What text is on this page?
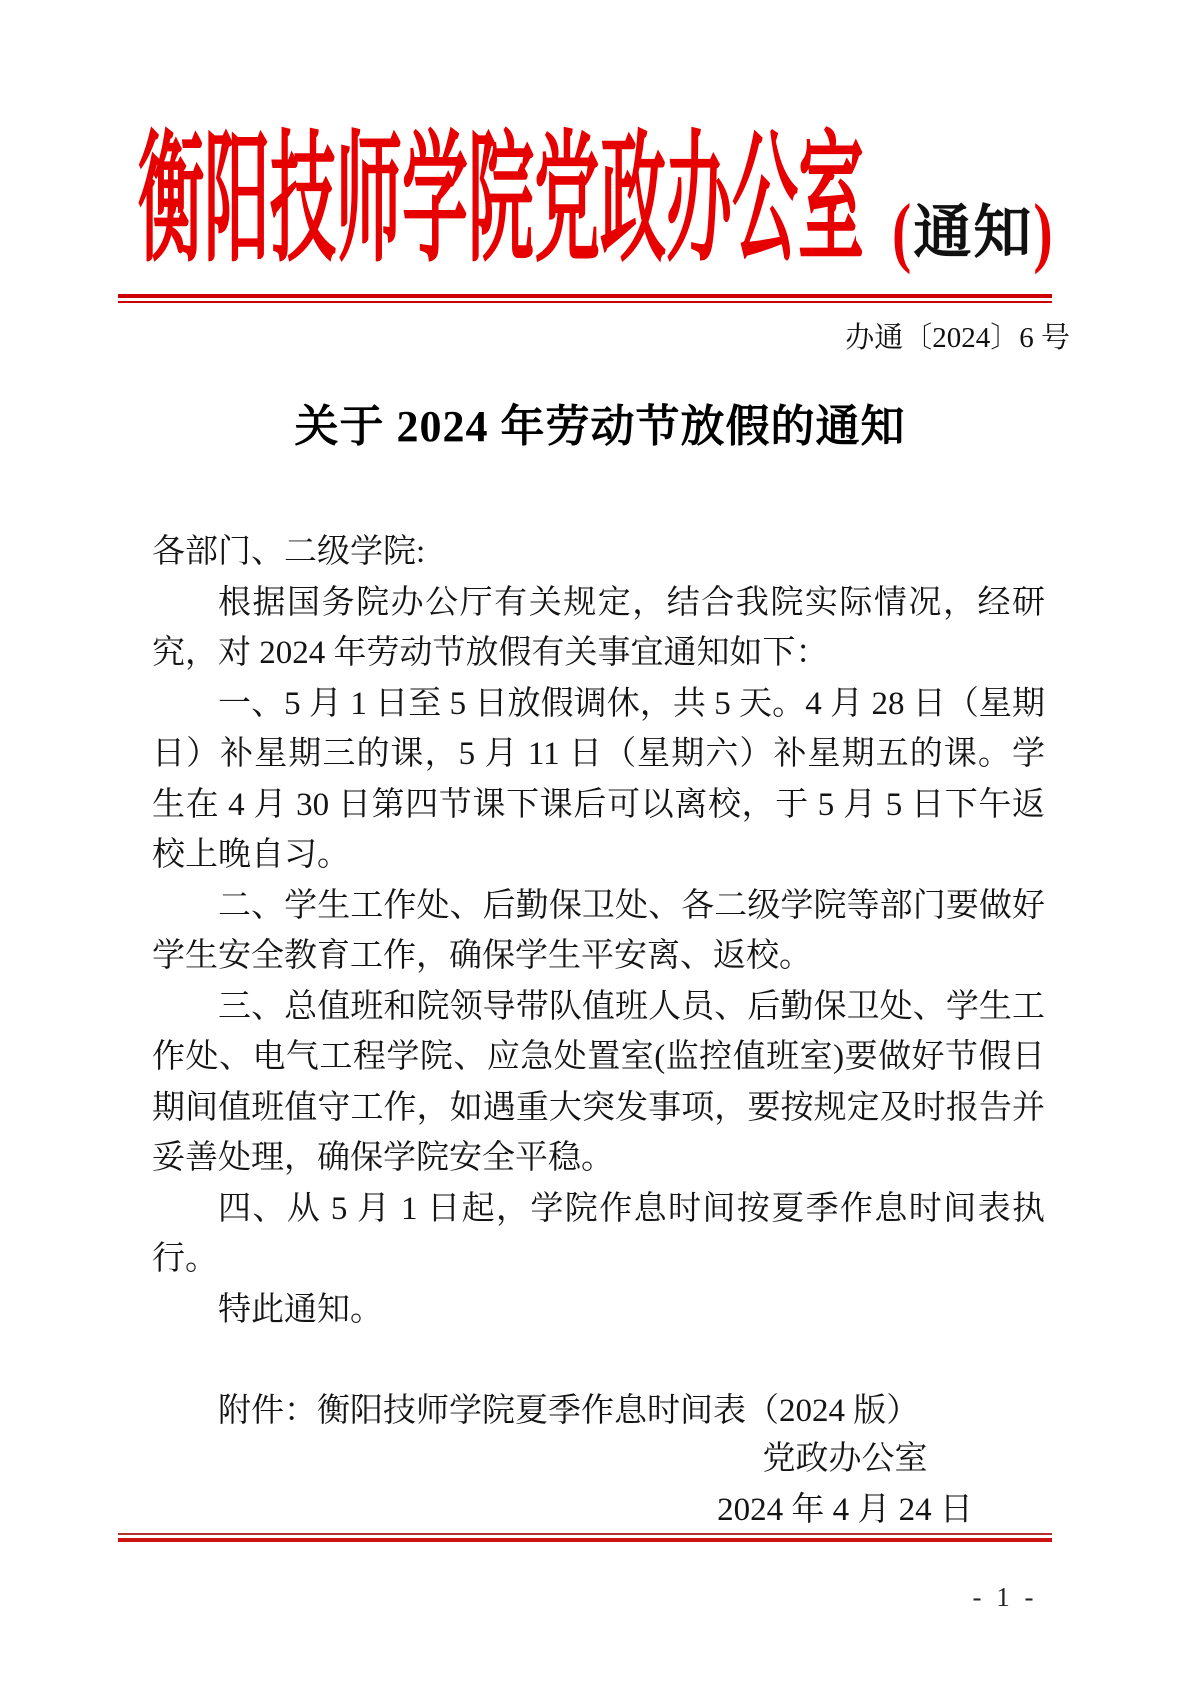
衡阳技师学院党政办公室 (通知)
办通〔2024〕6 号
关于 2024 年劳动节放假的通知

各部门、二级学院:

根据国务院办公厅有关规定，结合我院实际情况，经研究，对 2024 年劳动节放假有关事宜通知如下：

一、5 月 1 日至 5 日放假调休，共 5 天。4 月 28 日（星期日）补星期三的课，5 月 11 日（星期六）补星期五的课。学生在 4 月 30 日第四节课下课后可以离校，于 5 月 5 日下午返校上晚自习。

二、学生工作处、后勤保卫处、各二级学院等部门要做好学生安全教育工作，确保学生平安离、返校。

三、总值班和院领导带队值班人员、后勤保卫处、学生工作处、电气工程学院、应急处置室(监控值班室)要做好节假日期间值班值守工作，如遇重大突发事项，要按规定及时报告并妥善处理，确保学院安全平稳。

四、从 5 月 1 日起，学院作息时间按夏季作息时间表执行。

特此通知。

附件：衡阳技师学院夏季作息时间表（2024 版）

党政办公室
2024 年 4 月 24 日
- 1 -
